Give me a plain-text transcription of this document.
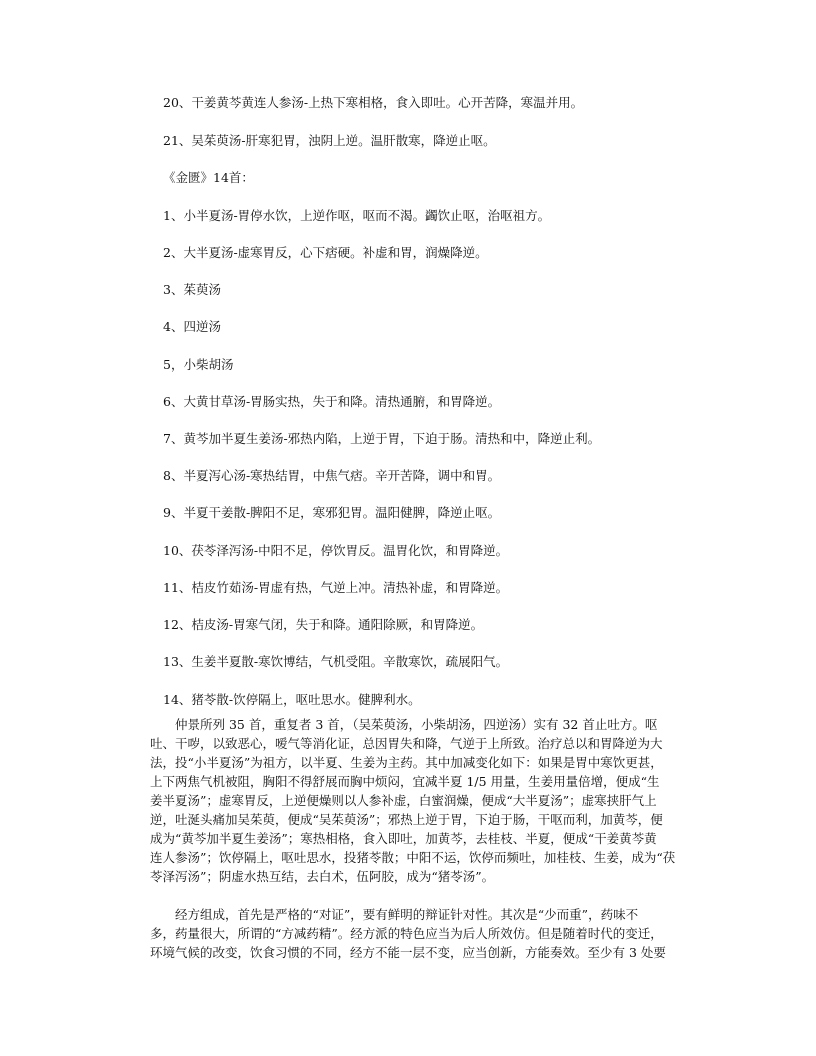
20、干姜黄芩黄连人参汤-上热下寒相格，食入即吐。心开苦降，寒温并用。
21、吴茱萸汤-肝寒犯胃，浊阴上逆。温肝散寒，降逆止呕。
《金匮》14首：
1、小半夏汤-胃停水饮，上逆作呕，呕而不渴。蠲饮止呕，治呕祖方。
2、大半夏汤-虚寒胃反，心下痞硬。补虚和胃，润燥降逆。
3、茱萸汤
4、四逆汤
5，小柴胡汤
6、大黄甘草汤-胃肠实热，失于和降。清热通腑，和胃降逆。
7、黄芩加半夏生姜汤-邪热内陷，上逆于胃，下迫于肠。清热和中，降逆止利。
8、半夏泻心汤-寒热结胃，中焦气痞。辛开苦降，调中和胃。
9、半夏干姜散-脾阳不足，寒邪犯胃。温阳健脾，降逆止呕。
10、茯苓泽泻汤-中阳不足，停饮胃反。温胃化饮，和胃降逆。
11、桔皮竹茹汤-胃虚有热，气逆上冲。清热补虚，和胃降逆。
12、桔皮汤-胃寒气闭，失于和降。通阳除厥，和胃降逆。
13、生姜半夏散-寒饮博结，气机受阻。辛散寒饮，疏展阳气。
14、猪苓散-饮停隔上，呕吐思水。健脾利水。
　　仲景所列 35 首，重复者 3 首，（吴茱萸汤，小柴胡汤，四逆汤）实有 32 首止吐方。呕
吐、干哕，以致恶心，嗳气等消化证，总因胃失和降，气逆于上所致。治疗总以和胃降逆为大
法，投“小半夏汤”为祖方，以半夏、生姜为主药。其中加减变化如下：如果是胃中寒饮更甚，
上下两焦气机被阻，胸阳不得舒展而胸中烦闷，宜减半夏 1/5 用量，生姜用量倍增，便成“生
姜半夏汤”；虚寒胃反，上逆便燥则以人参补虚，白蜜润燥，便成“大半夏汤”；虚寒挟肝气上
逆，吐涎头痛加吴茱萸，便成“吴茱萸汤”；邪热上逆于胃，下迫于肠，干呕而利，加黄芩，便
成为“黄芩加半夏生姜汤”；寒热相格，食入即吐，加黄芩，去桂枝、半夏，便成“干姜黄芩黄
连人参汤”；饮停隔上，呕吐思水，投猪苓散；中阳不运，饮停而频吐，加桂枝、生姜，成为“茯
苓泽泻汤”；阴虚水热互结，去白术，伍阿胶，成为“猪苓汤”。
　　经方组成，首先是严格的“对证”，要有鲜明的辩证针对性。其次是“少而重”，药味不
多，药量很大，所谓的“方减药精”。经方派的特色应当为后人所效仿。但是随着时代的变迁，
环境气候的改变，饮食习惯的不同，经方不能一层不变，应当创新，方能奏效。至少有 3 处要
